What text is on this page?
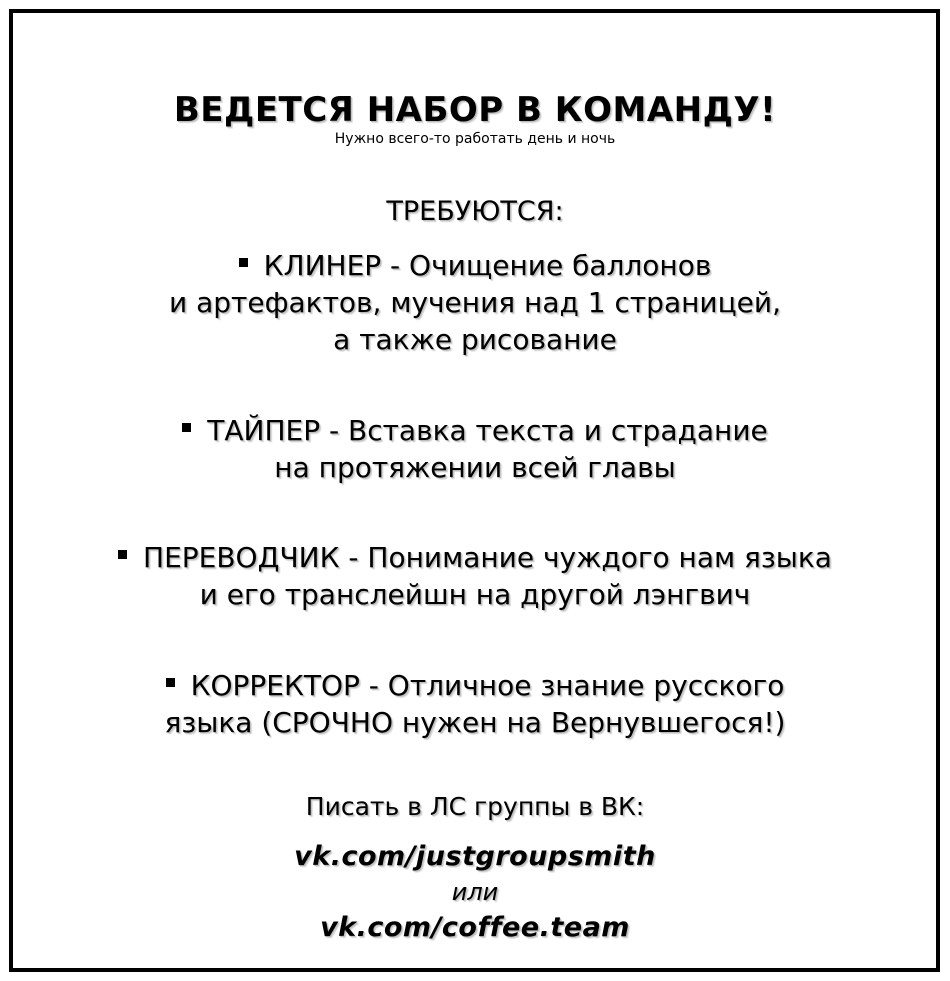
ВЕДЕТСЯ НАБОР В КОМАНДУ!
Нужно всего-то работать день и ночь
ТРЕБУЮТСЯ:
КЛИНЕР - Очищение баллонов
и артефактов, мучения над 1 страницей,
а также рисование
ТАЙПЕР - Вставка текста и страдание
на протяжении всей главы
ПЕРЕВОДЧИК - Понимание чуждого нам языка
и его транслейшн на другой лэнгвич
КОРРЕКТОР - Отличное знание русского
языка (СРОЧНО нужен на Вернувшегося!)
Писать в ЛС группы в ВК:
vk.com/justgroupsmith
или
vk.com/coffee.team
